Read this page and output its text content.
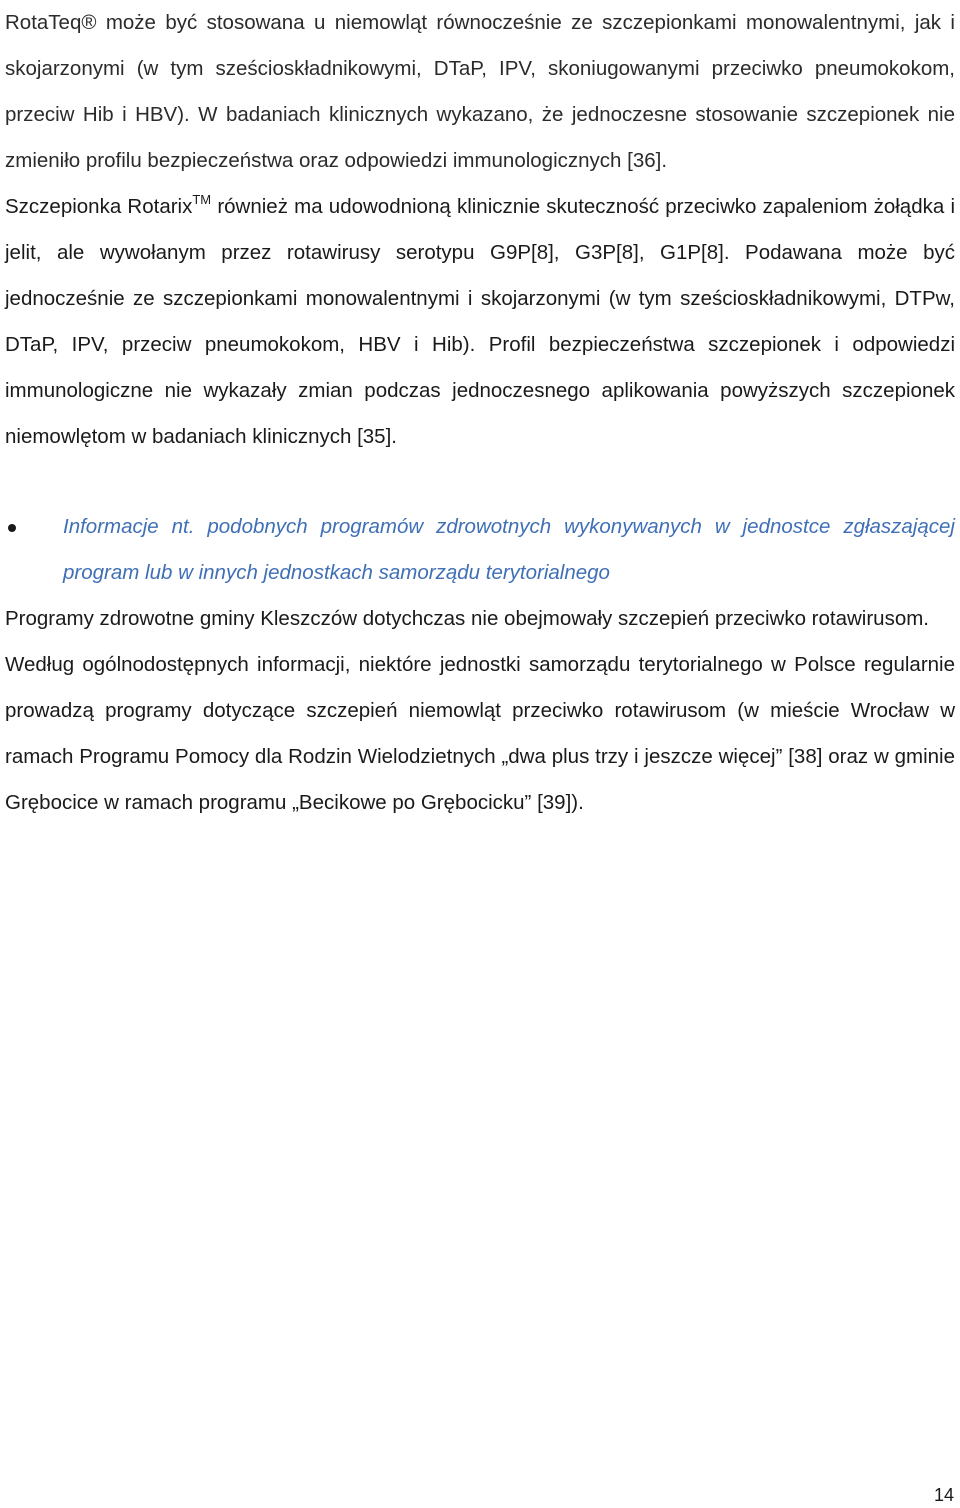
RotaTeq® może być stosowana u niemowląt równocześnie ze szczepionkami monowalentnymi, jak i skojarzonymi (w tym sześcioskładnikowymi, DTaP, IPV, skoniugowanymi przeciwko pneumokokom, przeciw Hib i HBV). W badaniach klinicznych wykazano, że jednoczesne stosowanie szczepionek nie zmieniło profilu bezpieczeństwa oraz odpowiedzi immunologicznych [36].

Szczepionka Rotarix™ również ma udowodnioną klinicznie skuteczność przeciwko zapaleniom żołądka i jelit, ale wywołanym przez rotawirusy serotypu G9P[8], G3P[8], G1P[8]. Podawana może być jednocześnie ze szczepionkami monowalentnymi i skojarzonymi (w tym sześcioskładnikowymi, DTPw, DTaP, IPV, przeciw pneumokokom, HBV i Hib). Profil bezpieczeństwa szczepionek i odpowiedzi immunologiczne nie wykazały zmian podczas jednoczesnego aplikowania powyższych szczepionek niemowlętom w badaniach klinicznych [35].

Informacje nt. podobnych programów zdrowotnych wykonywanych w jednostce zgłaszającej program lub w innych jednostkach samorządu terytorialnego

Programy zdrowotne gminy Kleszczów dotychczas nie obejmowały szczepień przeciwko rotawirusom.

Według ogólnodostępnych informacji, niektóre jednostki samorządu terytorialnego w Polsce regularnie prowadzą programy dotyczące szczepień niemowląt przeciwko rotawirusom (w mieście Wrocław w ramach Programu Pomocy dla Rodzin Wielodzietnych „dwa plus trzy i jeszcze więcej” [38] oraz w gminie Grębocice w ramach programu „Becikowe po Grębocicku” [39]).

14
